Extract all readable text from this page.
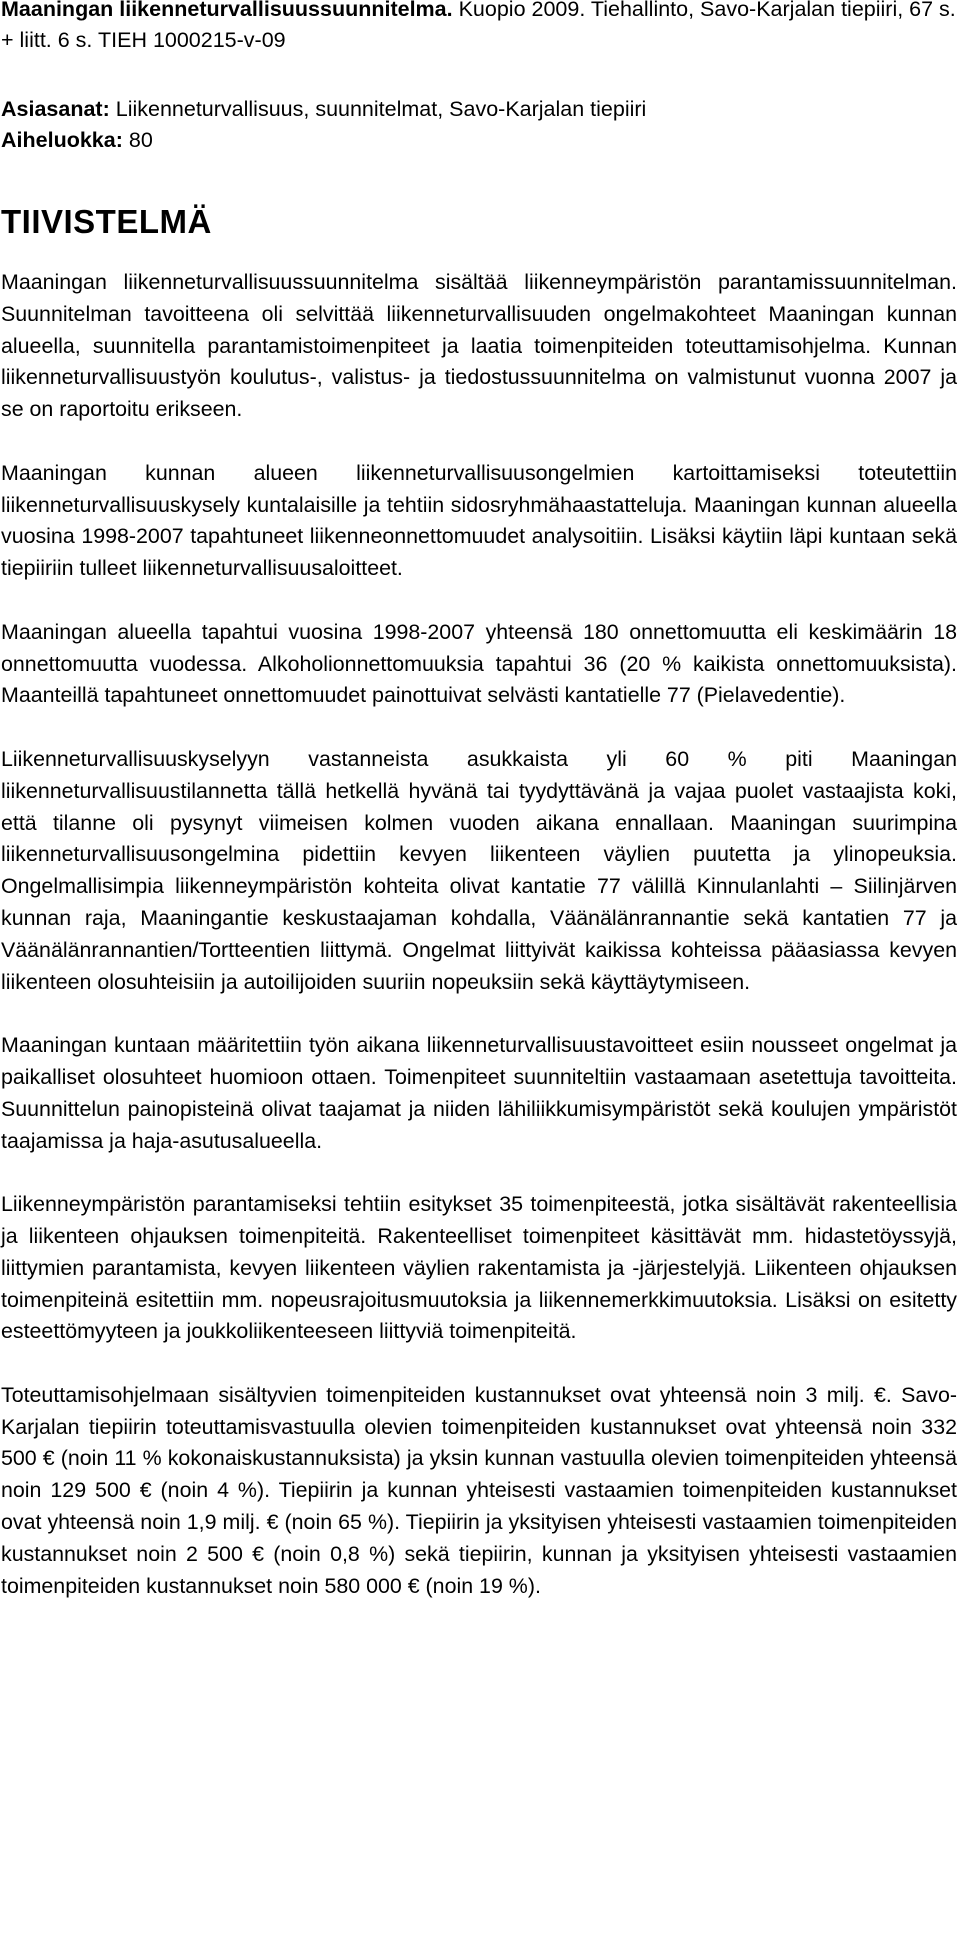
Maaningan liikenneturvallisuussuunnitelma. Kuopio 2009. Tiehallinto, Savo-Karjalan tiepiiri, 67 s. + liitt. 6 s. TIEH 1000215-v-09

Asiasanat: Liikenneturvallisuus, suunnitelmat, Savo-Karjalan tiepiiri

Aiheluokka: 80

TIIVISTELMÄ

Maaningan liikenneturvallisuussuunnitelma sisältää liikenneympäristön parantamissuunnitelman. Suunnitelman tavoitteena oli selvittää liikenneturvallisuuden ongelmakohteet Maaningan kunnan alueella, suunnitella parantamistoimenpiteet ja laatia toimenpiteiden toteuttamisohjelma. Kunnan liikenneturvallisuustyön koulutus-, valistus- ja tiedostussuunnitelma on valmistunut vuonna 2007 ja se on raportoitu erikseen.

Maaningan kunnan alueen liikenneturvallisuusongelmien kartoittamiseksi toteutettiin liikenneturvallisuuskysely kuntalaisille ja tehtiin sidosryhmähaastatteluja. Maaningan kunnan alueella vuosina 1998-2007 tapahtuneet liikenneonnettomuudet analysoitiin. Lisäksi käytiin läpi kuntaan sekä tiepiiriin tulleet liikenneturvallisuusaloitteet.

Maaningan alueella tapahtui vuosina 1998-2007 yhteensä 180 onnettomuutta eli keskimäärin 18 onnettomuutta vuodessa. Alkoholionnettomuuksia tapahtui 36 (20 % kaikista onnettomuuksista). Maanteillä tapahtuneet onnettomuudet painottuivat selvästi kantatielle 77 (Pielavedentie).

Liikenneturvallisuuskyselyyn vastanneista asukkaista yli 60 % piti Maaningan liikenneturvallisuustilannetta tällä hetkellä hyvänä tai tyydyttävänä ja vajaa puolet vastaajista koki, että tilanne oli pysynyt viimeisen kolmen vuoden aikana ennallaan. Maaningan suurimpina liikenneturvallisuusongelmina pidettiin kevyen liikenteen väylien puutetta ja ylinopeuksia. Ongelmallisimpia liikenneympäristön kohteita olivat kantatie 77 välillä Kinnulanlahti – Siilinjärven kunnan raja, Maaningantie keskustaajaman kohdalla, Väänälänrannantie sekä kantatien 77 ja Väänälänrannantien/Tortteentien liittymä. Ongelmat liittyivät kaikissa kohteissa pääasiassa kevyen liikenteen olosuhteisiin ja autoilijoiden suuriin nopeuksiin sekä käyttäytymiseen.

Maaningan kuntaan määritettiin työn aikana liikenneturvallisuustavoitteet esiin nousseet ongelmat ja paikalliset olosuhteet huomioon ottaen. Toimenpiteet suunniteltiin vastaamaan asetettuja tavoitteita. Suunnittelun painopisteinä olivat taajamat ja niiden lähiliikkumisympäristöt sekä koulujen ympäristöt taajamissa ja haja-asutusalueella.

Liikenneympäristön parantamiseksi tehtiin esitykset 35 toimenpiteestä, jotka sisältävät rakenteellisia ja liikenteen ohjauksen toimenpiteitä. Rakenteelliset toimenpiteet käsittävät mm. hidastetöyssyjä, liittymien parantamista, kevyen liikenteen väylien rakentamista ja -järjestelyjä. Liikenteen ohjauksen toimenpiteinä esitettiin mm. nopeusrajoitusmuutoksia ja liikennemerkkimuutoksia. Lisäksi on esitetty esteettömyyteen ja joukkoliikenteeseen liittyviä toimenpiteitä.

Toteuttamisohjelmaan sisältyvien toimenpiteiden kustannukset ovat yhteensä noin 3 milj. €. Savo-Karjalan tiepiirin toteuttamisvastuulla olevien toimenpiteiden kustannukset ovat yhteensä noin 332 500 € (noin 11 % kokonaiskustannuksista) ja yksin kunnan vastuulla olevien toimenpiteiden yhteensä noin 129 500 € (noin 4 %). Tiepiirin ja kunnan yhteisesti vastaamien toimenpiteiden kustannukset ovat yhteensä noin 1,9 milj. € (noin 65 %). Tiepiirin ja yksityisen yhteisesti vastaamien toimenpiteiden kustannukset noin 2 500 € (noin 0,8 %) sekä tiepiirin, kunnan ja yksityisen yhteisesti vastaamien toimenpiteiden kustannukset noin 580 000 € (noin 19 %).
